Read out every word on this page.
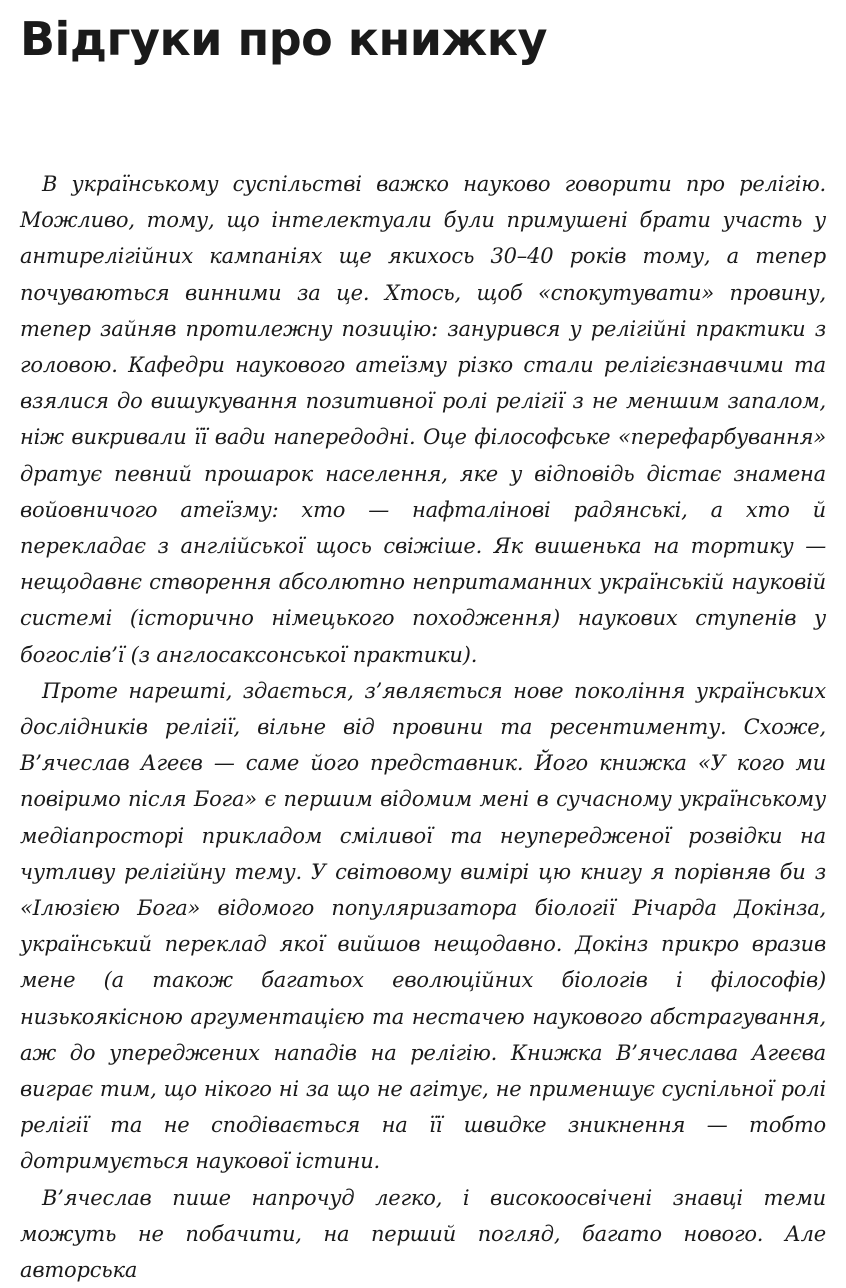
Відгуки про книжку

В українському суспільстві важко науково говорити про релігію. Можливо, тому, що інтелектуали були примушені брати участь у антирелігійних кампаніях ще якихось 30–40 років тому, а тепер почуваються винними за це. Хтось, щоб «спокутувати» провину, тепер зайняв протилежну позицію: занурився у релігійні практики з головою. Кафедри наукового атеїзму різко стали релігієзнавчими та взялися до вишукування позитивної ролі релігії з не меншим запалом, ніж викривали її вади напередодні. Оце філософське «перефарбування» дратує певний прошарок населення, яке у відповідь дістає знамена войовничого атеїзму: хто — нафталінові радянські, а хто й перекладає з англійської щось свіжіше. Як вишенька на тортику — нещодавнє створення абсолютно непритаманних українській науковій системі (історично німецького походження) наукових ступенів у богослів’ї (з англосаксонської практики).

Проте нарешті, здається, з’являється нове покоління українських дослідників релігії, вільне від провини та ресентименту. Схоже, В’ячеслав Агеєв — саме його представник. Його книжка «У кого ми повіримо після Бога» є першим відомим мені в сучасному українському медіапросторі прикладом сміливої та неупередженої розвідки на чутливу релігійну тему. У світовому вимірі цю книгу я порівняв би з «Ілюзією Бога» відомого популяризатора біології Річарда Докінза, український переклад якої вийшов нещодавно. Докінз прикро вразив мене (а також багатьох еволюційних біологів і філософів) низькоякісною аргументацією та нестачею наукового абстрагування, аж до упереджених нападів на релігію. Книжка В’ячеслава Агеєва виграє тим, що нікого ні за що не агітує, не применшує суспільної ролі релігії та не сподівається на її швидке зникнення — тобто дотримується наукової істини.

В’ячеслав пише напрочуд легко, і високоосвічені знавці теми можуть не побачити, на перший погляд, багато нового. Але авторська
